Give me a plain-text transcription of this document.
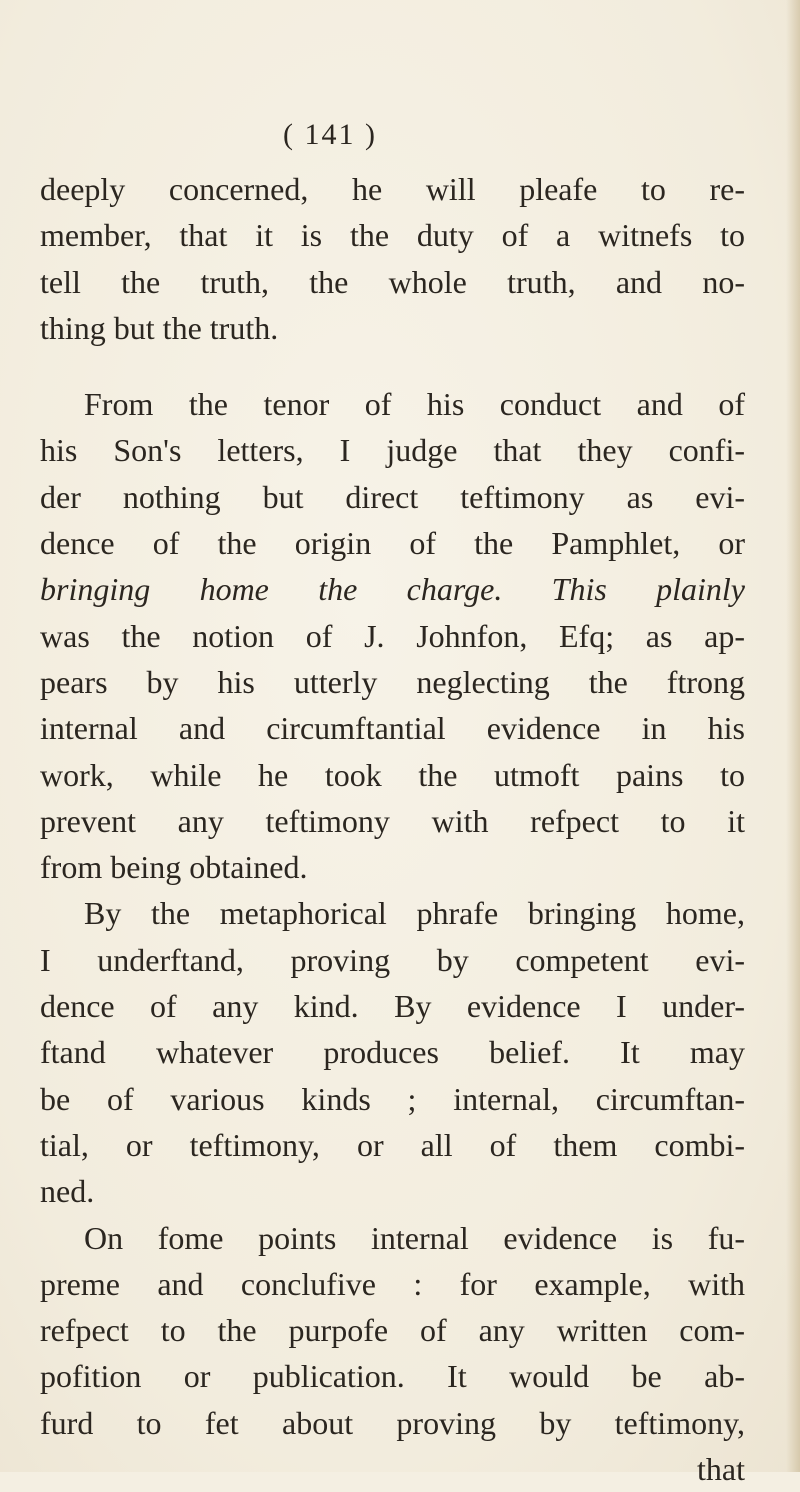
( 141 )
deeply concerned, he will pleafe to re-
member, that it is the duty of a witnefs to
tell the truth, the whole truth, and no-
thing but the truth.
From the tenor of his conduct and of
his Son's letters, I judge that they confi-
der nothing but direct teftimony as evi-
dence of the origin of the Pamphlet, or
bringing home the charge. This plainly
was the notion of J. Johnfon, Efq; as ap-
pears by his utterly neglecting the ftrong
internal and circumftantial evidence in his
work, while he took the utmoft pains to
prevent any teftimony with refpect to it
from being obtained.
By the metaphorical phrafe bringing home,
I underftand, proving by competent evi-
dence of any kind. By evidence I under-
ftand whatever produces belief. It may
be of various kinds ; internal, circumftan-
tial, or teftimony, or all of them combi-
ned.
On fome points internal evidence is fu-
preme and conclufive : for example, with
refpect to the purpofe of any written com-
pofition or publication. It would be ab-
furd to fet about proving by teftimony,
that
